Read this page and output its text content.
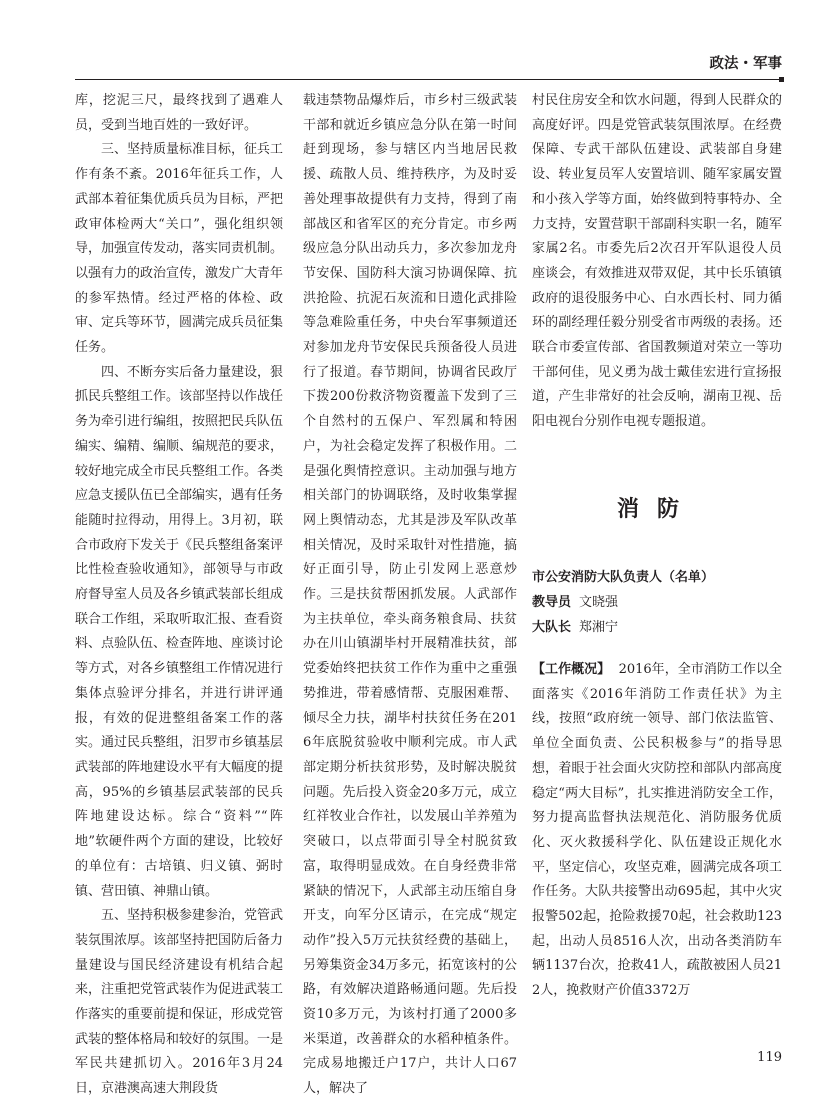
政法・军事

库，挖泥三尺，最终找到了遇难人员，受到当地百姓的一致好评。

三、坚持质量标准目标，征兵工作有条不紊。2016年征兵工作，人武部本着征集优质兵员为目标，严把政审体检两大“关口”，强化组织领导，加强宣传发动，落实同责机制。以强有力的政治宣传，激发广大青年的参军热情。经过严格的体检、政审、定兵等环节，圆满完成兵员征集任务。

四、不断夯实后备力量建设，狠抓民兵整组工作。该部坚持以作战任务为牵引进行编组，按照把民兵队伍编实、编精、编顺、编规范的要求，较好地完成全市民兵整组工作。各类应急支援队伍已全部编实，遇有任务能随时拉得动，用得上。3月初，联合市政府下发关于《民兵整组备案评比性检查验收通知》，部领导与市政府督导室人员及各乡镇武装部长组成联合工作组，采取听取汇报、查看资料、点验队伍、检查阵地、座谈讨论等方式，对各乡镇整组工作情况进行集体点验评分排名，并进行讲评通报，有效的促进整组备案工作的落实。通过民兵整组，汨罗市乡镇基层武装部的阵地建设水平有大幅度的提高，95%的乡镇基层武装部的民兵阵地建设达标。综合“资料”“阵地”软硬件两个方面的建设，比较好的单位有：古培镇、归义镇、弼时镇、营田镇、神鼎山镇。

五、坚持积极参建参治，党管武装氛围浓厚。该部坚持把国防后备力量建设与国民经济建设有机结合起来，注重把党管武装作为促进武装工作落实的重要前提和保证，形成党管武装的整体格局和较好的氛围。一是军民共建抓切入。2016年3月24日，京港澳高速大荆段货

载违禁物品爆炸后，市乡村三级武装干部和就近乡镇应急分队在第一时间赶到现场，参与辖区内当地居民救援、疏散人员、维持秩序，为及时妥善处理事故提供有力支持，得到了南部战区和省军区的充分肯定。市乡两级应急分队出动兵力，多次参加龙舟节安保、国防科大演习协调保障、抗洪抢险、抗泥石灰流和日遗化武排险等急难险重任务，中央台军事频道还对参加龙舟节安保民兵预备役人员进行了报道。春节期间，协调省民政厅下拨200份救济物资覆盖下发到了三个自然村的五保户、军烈属和特困户，为社会稳定发挥了积极作用。二是强化舆情控意识。主动加强与地方相关部门的协调联络，及时收集掌握网上舆情动态，尤其是涉及军队改革相关情况，及时采取针对性措施，搞好正面引导，防止引发网上恶意炒作。三是扶贫帮困抓发展。人武部作为主扶单位，牵头商务粮食局、扶贫办在川山镇湖毕村开展精准扶贫，部党委始终把扶贫工作作为重中之重强势推进，带着感情帮、克服困难帮、倾尽全力扶，湖毕村扶贫任务在2016年底脱贫验收中顺利完成。市人武部定期分析扶贫形势，及时解决脱贫问题。先后投入资金20多万元，成立红祥牧业合作社，以发展山羊养殖为突破口，以点带面引导全村脱贫致富，取得明显成效。在自身经费非常紧缺的情况下，人武部主动压缩自身开支，向军分区请示，在完成“规定动作”投入5万元扶贫经费的基础上，另筹集资金34万多元，拓宽该村的公路，有效解决道路畅通问题。先后投资10多万元，为该村打通了2000多米渠道，改善群众的水稻种植条件。完成易地搬迁户17户，共计人口67人，解决了

村民住房安全和饮水问题，得到人民群众的高度好评。四是党管武装氛围浓厚。在经费保障、专武干部队伍建设、武装部自身建设、转业复员军人安置培训、随军家属安置和小孩入学等方面，始终做到特事特办、全力支持，安置营职干部副科实职一名，随军家属2名。市委先后2次召开军队退役人员座谈会，有效推进双带双促，其中长乐镇镇政府的退役服务中心、白水西长村、同力循环的副经理任毅分别受省市两级的表扬。还联合市委宣传部、省国教频道对荣立一等功干部何佳，见义勇为战士戴佳宏进行宣扬报道，产生非常好的社会反响，湖南卫视、岳阳电视台分别作电视专题报道。

消防
市公安消防大队负责人（名单）
教导员 文晓强
大队长 郑湘宁

【工作概况】 2016年，全市消防工作以全面落实《2016年消防工作责任状》为主线，按照“政府统一领导、部门依法监管、单位全面负责、公民积极参与”的指导思想，着眼于社会面火灾防控和部队内部高度稳定“两大目标”，扎实推进消防安全工作，努力提高监督执法规范化、消防服务优质化、灭火救援科学化、队伍建设正规化水平，坚定信心，攻坚克难，圆满完成各项工作任务。大队共接警出动695起，其中火灾报警502起，抢险救援70起，社会救助123起，出动人员8516人次，出动各类消防车辆1137台次，抢救41人，疏散被困人员212人，挽救财产价值3372万

119
